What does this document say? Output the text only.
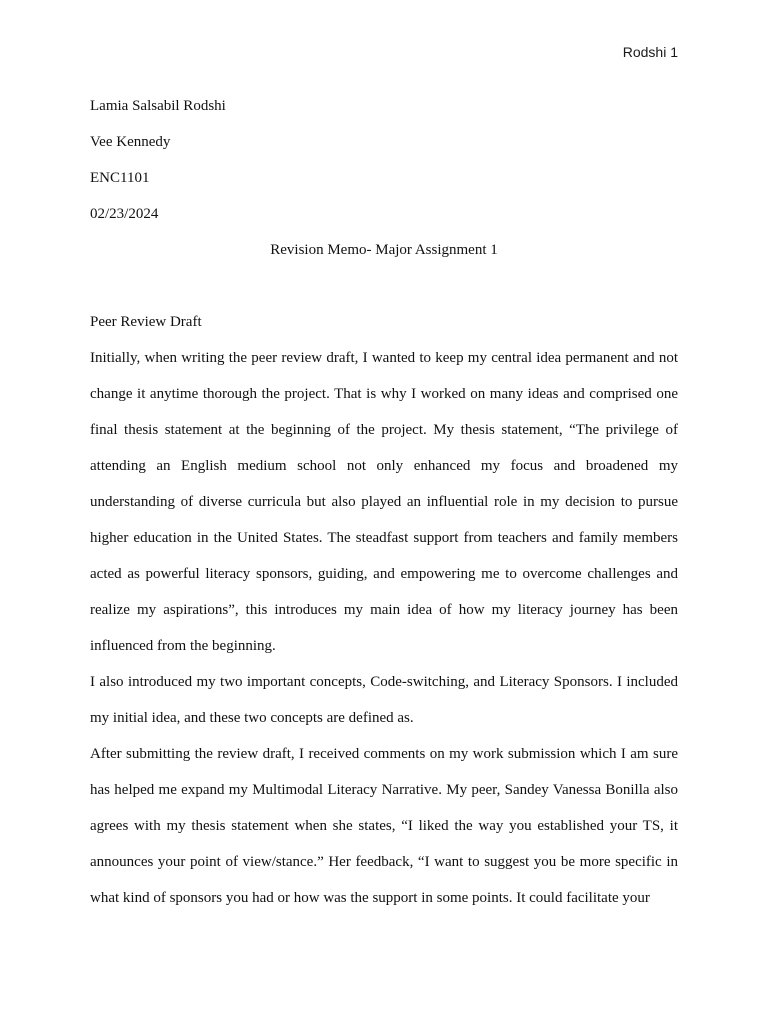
Rodshi 1

Lamia Salsabil Rodshi

Vee Kennedy

ENC1101

02/23/2024

Revision Memo- Major Assignment 1

Peer Review Draft

Initially, when writing the peer review draft, I wanted to keep my central idea permanent and not change it anytime thorough the project. That is why I worked on many ideas and comprised one final thesis statement at the beginning of the project. My thesis statement, “The privilege of attending an English medium school not only enhanced my focus and broadened my understanding of diverse curricula but also played an influential role in my decision to pursue higher education in the United States. The steadfast support from teachers and family members acted as powerful literacy sponsors, guiding, and empowering me to overcome challenges and realize my aspirations”, this introduces my main idea of how my literacy journey has been influenced from the beginning.

I also introduced my two important concepts, Code-switching, and Literacy Sponsors. I included my initial idea, and these two concepts are defined as.

After submitting the review draft, I received comments on my work submission which I am sure has helped me expand my Multimodal Literacy Narrative. My peer, Sandey Vanessa Bonilla also agrees with my thesis statement when she states, “I liked the way you established your TS, it announces your point of view/stance.” Her feedback, “I want to suggest you be more specific in what kind of sponsors you had or how was the support in some points. It could facilitate your
